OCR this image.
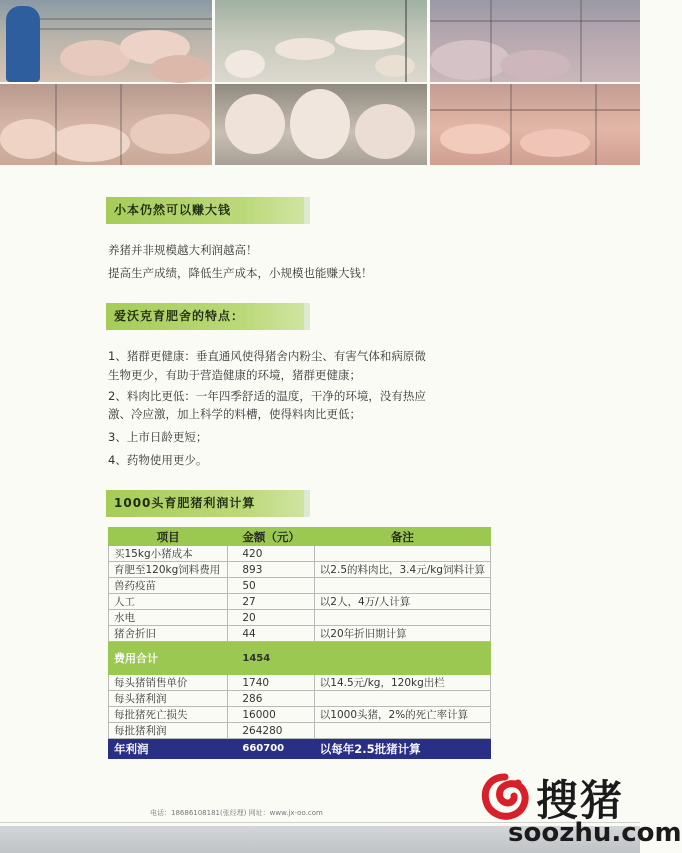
小本仍然可以赚大钱
养猪并非规模越大利润越高！
提高生产成绩，降低生产成本，小规模也能赚大钱！
爱沃克育肥舍的特点：
1、猪群更健康：垂直通风使得猪舍内粉尘、有害气体和病原微
生物更少，有助于营造健康的环境，猪群更健康；
2、料肉比更低：一年四季舒适的温度，干净的环境，没有热应
激、冷应激，加上科学的料槽，使得料肉比更低；
3、上市日龄更短；
4、药物使用更少。
1000头育肥猪利润计算
项目	金额（元）	备注
买15kg小猪成本	420	
育肥至120kg饲料费用	893	以2.5的料肉比，3.4元/kg饲料计算
兽药疫苗	50	
人工	27	以2人，4万/人计算
水电	20	
猪舍折旧	44	以20年折旧期计算
费用合计	1454	
每头猪销售单价	1740	以14.5元/kg，120kg出栏
每头猪利润	286	
每批猪死亡损失	16000	以1000头猪，2%的死亡率计算
每批猪利润	264280	
年利润	660700	以每年2.5批猪计算
电话：18686108181(张经理) 网址：www.jx-oo.com	搜猪
soozhu.com
